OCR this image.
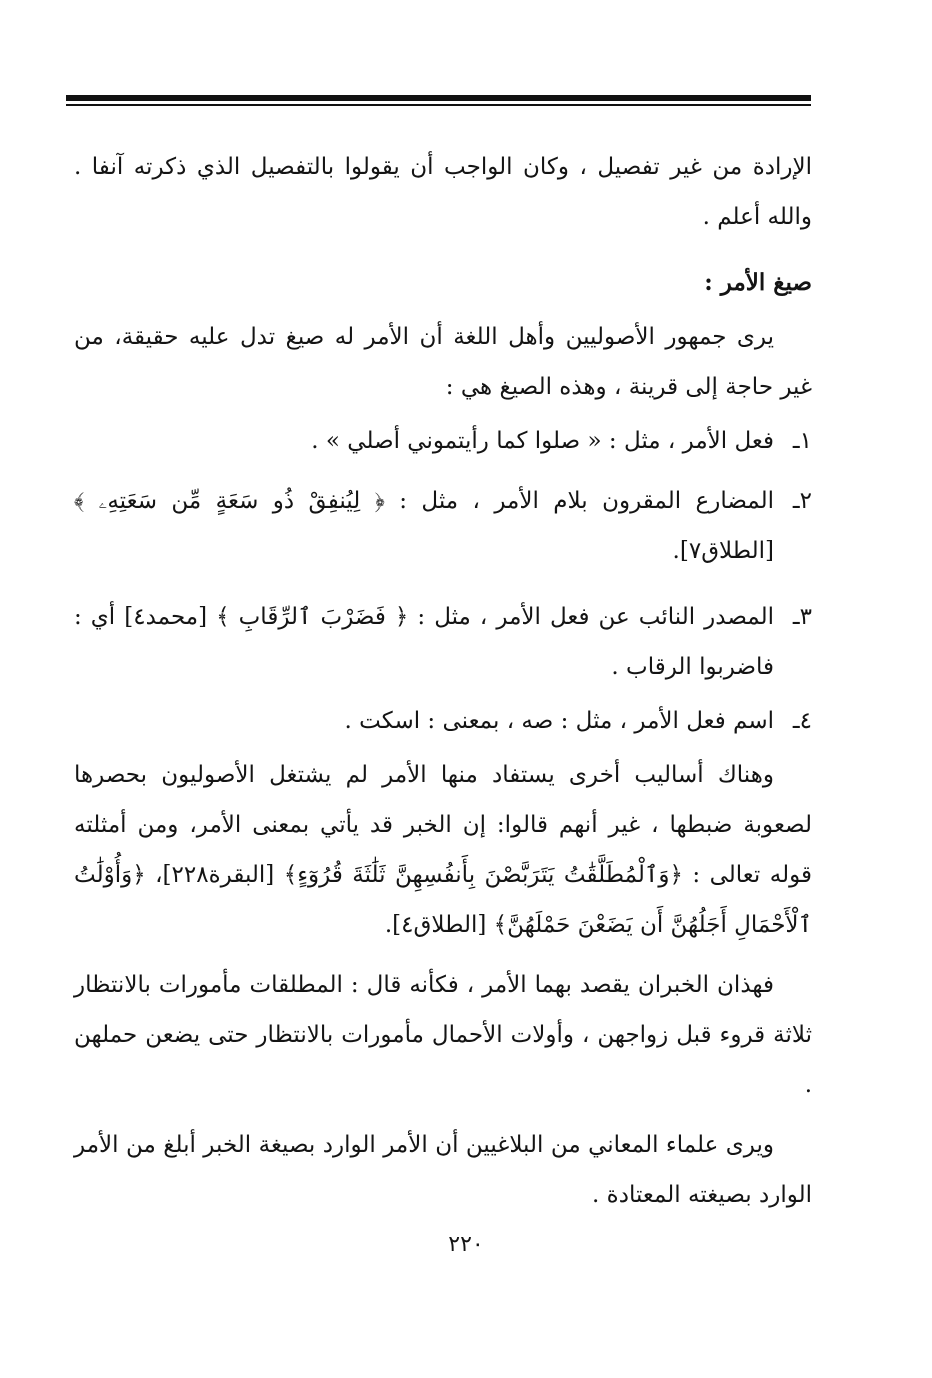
الإرادة من غير تفصيل ، وكان الواجب أن يقولوا بالتفصيل الذي ذكرته آنفا . والله أعلم .

صيغ الأمر :

يرى جمهور الأصوليين وأهل اللغة أن الأمر له صيغ تدل عليه حقيقة، من غير حاجة إلى قرينة ، وهذه الصيغ هي :

١ـفعل الأمر ، مثل : « صلوا كما رأيتموني أصلي » .

٢ـالمضارع المقرون بلام الأمر ، مثل : ﴿ لِيُنفِقْ ذُو سَعَةٍ مِّن سَعَتِهِۦ ﴾ [الطلاق٧].

٣ـالمصدر النائب عن فعل الأمر ، مثل : ﴿ فَضَرْبَ ٱلرِّقَابِ ﴾ [محمد٤] أي : فاضربوا الرقاب .

٤ـاسم فعل الأمر ، مثل : صه ، بمعنى : اسكت .

وهناك أساليب أخرى يستفاد منها الأمر لم يشتغل الأصوليون بحصرها لصعوبة ضبطها ، غير أنهم قالوا: إن الخبر قد يأتي بمعنى الأمر، ومن أمثلته قوله تعالى : ﴿وَٱلْمُطَلَّقَٰتُ يَتَرَبَّصْنَ بِأَنفُسِهِنَّ ثَلَٰثَةَ قُرُوٓءٍ﴾ [البقرة٢٢٨]، ﴿وَأُوْلَٰتُ ٱلْأَحْمَالِ أَجَلُهُنَّ أَن يَضَعْنَ حَمْلَهُنَّ﴾ [الطلاق٤].

فهذان الخبران يقصد بهما الأمر ، فكأنه قال : المطلقات مأمورات بالانتظار ثلاثة قروء قبل زواجهن ، وأولات الأحمال مأمورات بالانتظار حتى يضعن حملهن .

ويرى علماء المعاني من البلاغيين أن الأمر الوارد بصيغة الخبر أبلغ من الأمر الوارد بصيغته المعتادة .

٢٢٠
